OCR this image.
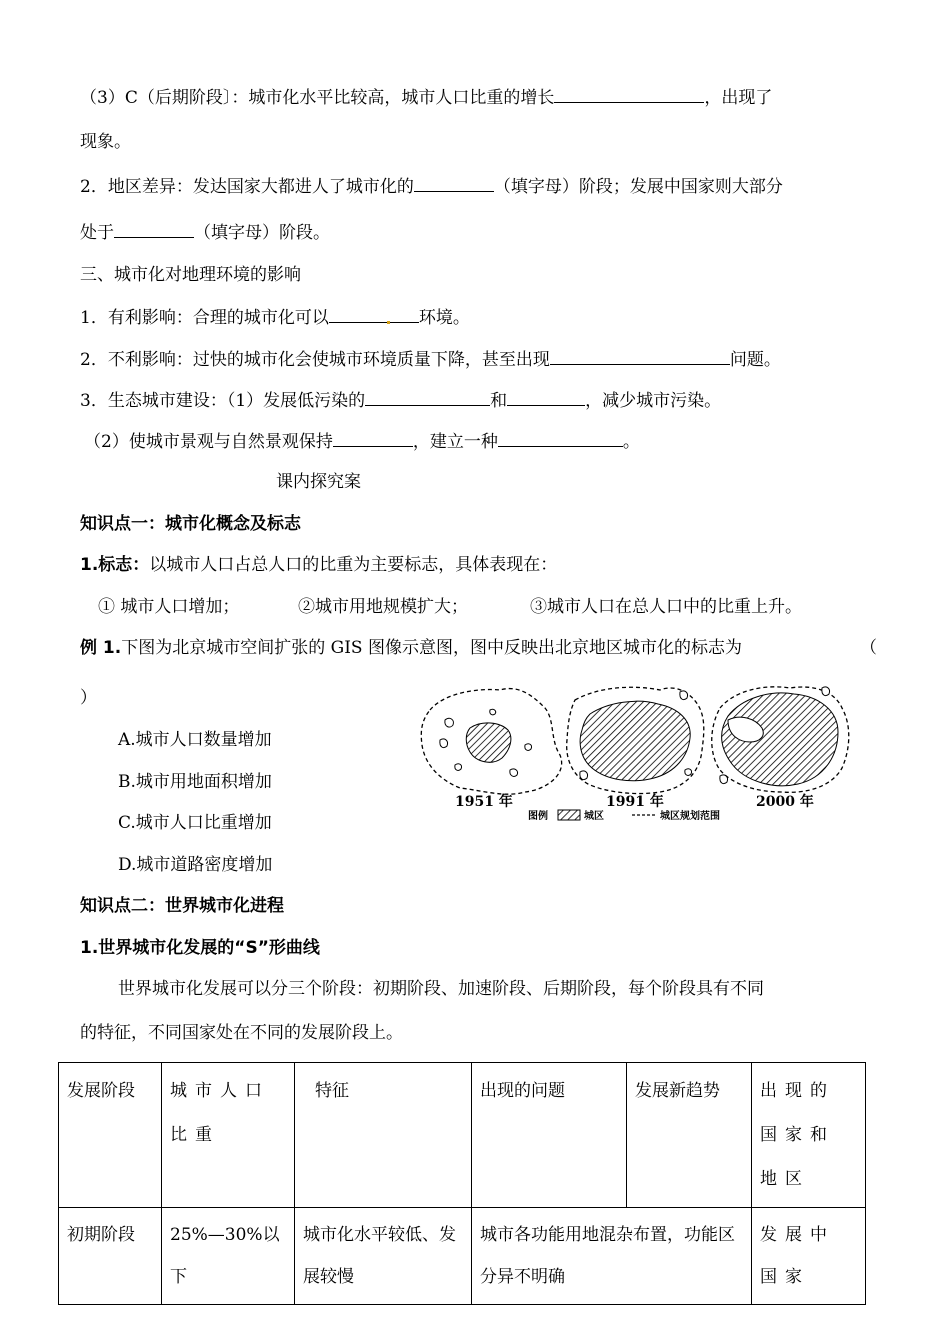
（3）C（后期阶段〕：城市化水平比较高，城市人口比重的增长	，出现了
现象。
2．地区差异：发达国家大都进人了城市化的	（填字母）阶段；发展中国家则大部分
处于	（填字母）阶段。
三、城市化对地理环境的影响
1．有利影响：合理的城市化可以	环境。
2．不利影响：过快的城市化会使城市环境质量下降，甚至出现	问题。
3．生态城市建设：（1）发展低污染的	和	，减少城市污染。
（2）使城市景观与自然景观保持	，建立一种	。
课内探究案
知识点一：城市化概念及标志
1.标志：以城市人口占总人口的比重为主要标志，具体表现在：
① 城市人口增加；	②城市用地规模扩大；	③城市人口在总人口中的比重上升。
例 1.下图为北京城市空间扩张的 GIS 图像示意图，图中反映出北京地区城市化的标志为	（
）
A.城市人口数量增加
B.城市用地面积增加
C.城市人口比重增加
D.城市道路密度增加
1951 年	1991 年	2000 年
图例	城区	城区规划范围
知识点二：世界城市化进程
1.世界城市化发展的“S”形曲线
世界城市化发展可以分三个阶段：初期阶段、加速阶段、后期阶段，每个阶段具有不同
的特征，不同国家处在不同的发展阶段上。
发展阶段	城市人口比重	特征	出现的问题	发展新趋势	出现的国家和地区
初期阶段	25%—30%以下	城市化水平较低、发展较慢	城市各功能用地混杂布置，功能区分异不明确		发展中国家
